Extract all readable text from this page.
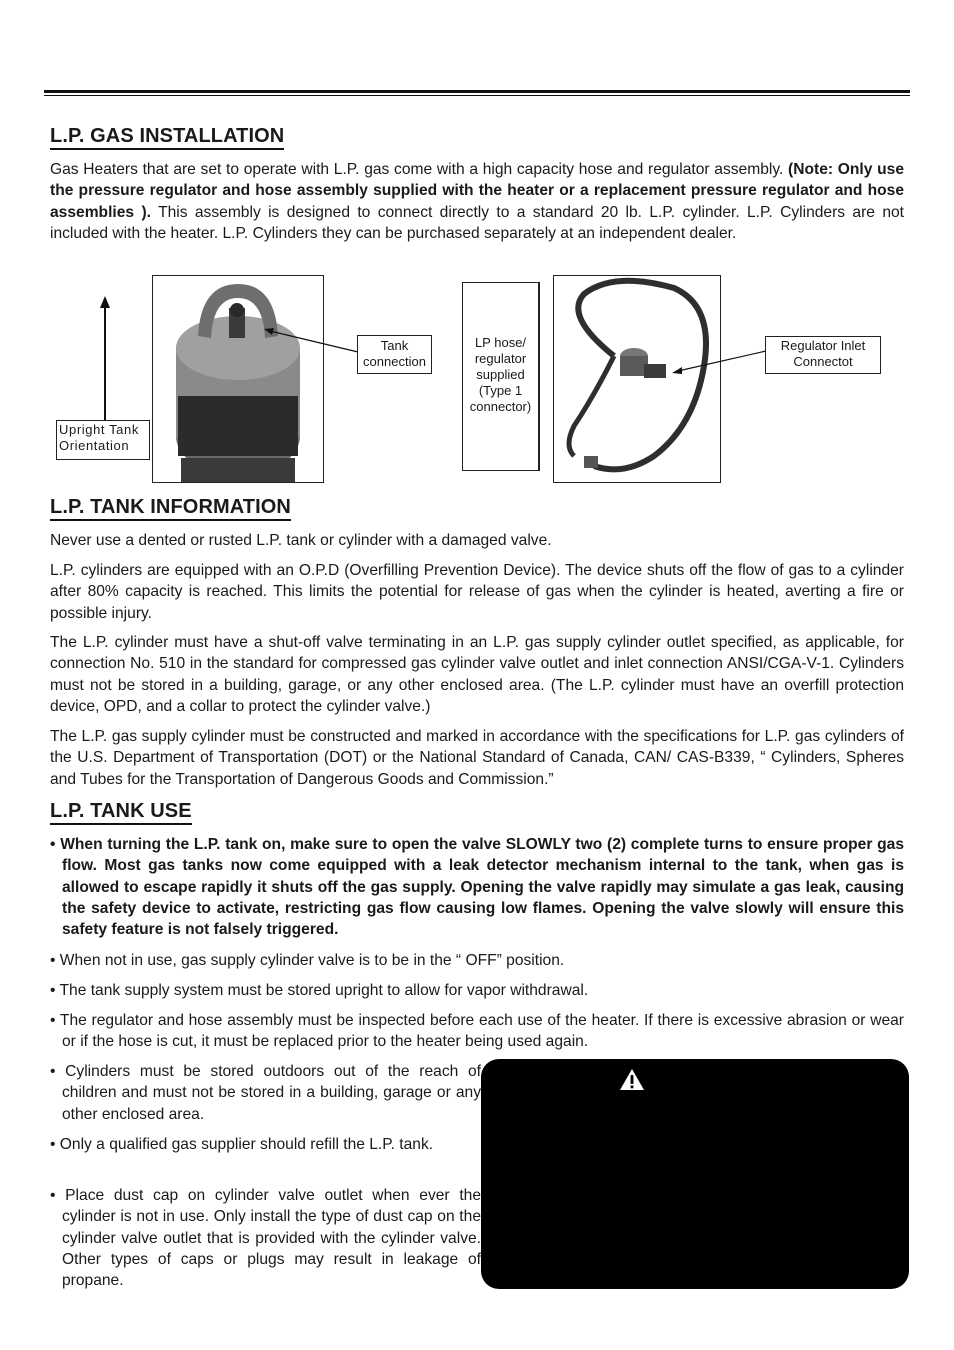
L.P. GAS INSTALLATION

Gas Heaters that are set to operate with L.P. gas come with a high capacity hose and regulator assembly. (Note: Only use the pressure regulator and hose assembly supplied with the heater or a replacement pressure regulator and hose assemblies ). This assembly is designed to connect directly to a standard 20 lb. L.P. cylinder. L.P. Cylinders are not included with the heater. L.P. Cylinders they can be purchased separately at an independent dealer.

Upright Tank Orientation
Tank connection
LP hose/ regulator supplied (Type 1 connector)
Regulator Inlet Connectot
L.P. TANK INFORMATION

Never use a dented or rusted L.P. tank or cylinder with a damaged valve.

L.P. cylinders are equipped with an O.P.D (Overfilling Prevention Device). The device shuts off the flow of gas to a cylinder after 80% capacity is reached. This limits the potential for release of gas when the cylinder is heated, averting a fire or possible injury.

The L.P. cylinder must have a shut-off valve terminating in an L.P. gas supply cylinder outlet specified, as applicable, for connection No. 510 in the standard for compressed gas cylinder valve outlet and inlet connection ANSI/CGA-V-1. Cylinders must not be stored in a building, garage, or any other enclosed area. (The L.P. cylinder must have an overfill protection device, OPD, and a collar to protect the cylinder valve.)

The L.P. gas supply cylinder must be constructed and marked in accordance with the specifications for L.P. gas cylinders of the U.S. Department of Transportation (DOT) or the National Standard of Canada, CAN/ CAS-B339, “ Cylinders, Spheres and Tubes for the Transportation of Dangerous Goods and Commission.”

L.P. TANK USE

• When turning the L.P. tank on, make sure to open the valve SLOWLY two (2) complete turns to ensure proper gas flow. Most gas tanks now come equipped with a leak detector mechanism internal to the tank, when gas is allowed to escape rapidly it shuts off the gas supply. Opening the valve rapidly may simulate a gas leak, causing the safety device to activate, restricting gas flow causing low flames. Opening the valve slowly will ensure this safety feature is not falsely triggered.

• When not in use, gas supply cylinder valve is to be in the “ OFF” position.

• The tank supply system must be stored upright to allow for vapor withdrawal.

• The regulator and hose assembly must be inspected before each use of the heater. If there is excessive abrasion or wear or if the hose is cut, it must be replaced prior to the heater being used again.

• Cylinders must be stored outdoors out of the reach of children and must not be stored in a building, garage or any other enclosed area.

• Only a qualified gas supplier should refill the L.P. tank.

• Place dust cap on cylinder valve outlet when ever the cylinder is not in use. Only install the type of dust cap on the cylinder valve outlet that is provided with the cylinder valve. Other types of caps or plugs may result in leakage of propane.
